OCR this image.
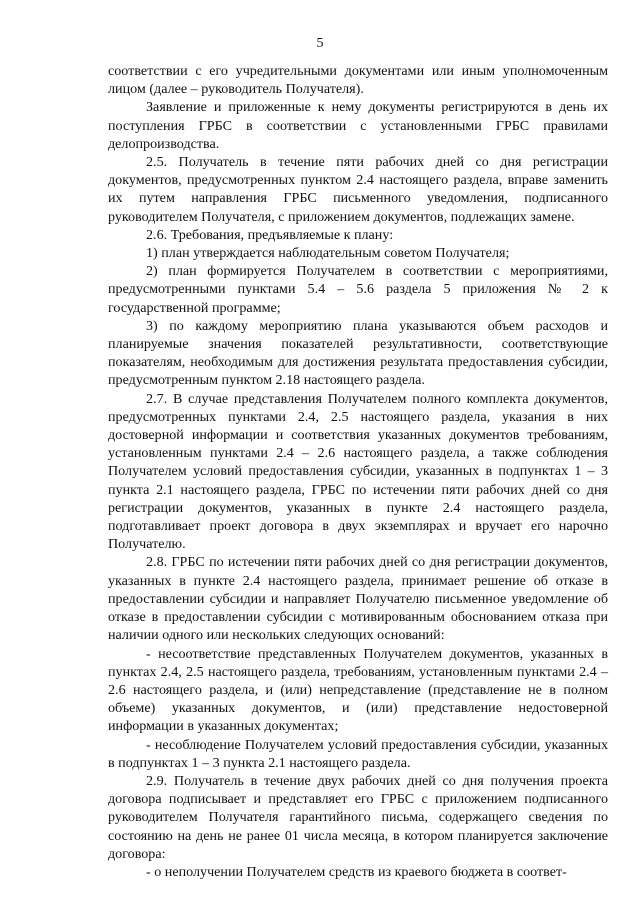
5

соответствии с его учредительными документами или иным уполномоченным лицом (далее – руководитель Получателя).

Заявление и приложенные к нему документы регистрируются в день их поступления ГРБС в соответствии с установленными ГРБС правилами делопроизводства.

2.5. Получатель в течение пяти рабочих дней со дня регистрации документов, предусмотренных пунктом 2.4 настоящего раздела, вправе заменить их путем направления ГРБС письменного уведомления, подписанного руководителем Получателя, с приложением документов, подлежащих замене.

2.6. Требования, предъявляемые к плану:

1) план утверждается наблюдательным советом Получателя;

2) план формируется Получателем в соответствии с мероприятиями, предусмотренными пунктами 5.4 – 5.6 раздела 5 приложения № 2 к государственной программе;

3) по каждому мероприятию плана указываются объем расходов и планируемые значения показателей результативности, соответствующие показателям, необходимым для достижения результата предоставления субсидии, предусмотренным пунктом 2.18 настоящего раздела.

2.7. В случае представления Получателем полного комплекта документов, предусмотренных пунктами 2.4, 2.5 настоящего раздела, указания в них достоверной информации и соответствия указанных документов требованиям, установленным пунктами 2.4 – 2.6 настоящего раздела, а также соблюдения Получателем условий предоставления субсидии, указанных в подпунктах 1 – 3 пункта 2.1 настоящего раздела, ГРБС по истечении пяти рабочих дней со дня регистрации документов, указанных в пункте 2.4 настоящего раздела, подготавливает проект договора в двух экземплярах и вручает его нарочно Получателю.

2.8. ГРБС по истечении пяти рабочих дней со дня регистрации документов, указанных в пункте 2.4 настоящего раздела, принимает решение об отказе в предоставлении субсидии и направляет Получателю письменное уведомление об отказе в предоставлении субсидии с мотивированным обоснованием отказа при наличии одного или нескольких следующих оснований:

- несоответствие представленных Получателем документов, указанных в пунктах 2.4, 2.5 настоящего раздела, требованиям, установленным пунктами 2.4 – 2.6 настоящего раздела, и (или) непредставление (представление не в полном объеме) указанных документов, и (или) представление недостоверной информации в указанных документах;

- несоблюдение Получателем условий предоставления субсидии, указанных в подпунктах 1 – 3 пункта 2.1 настоящего раздела.

2.9. Получатель в течение двух рабочих дней со дня получения проекта договора подписывает и представляет его ГРБС с приложением подписанного руководителем Получателя гарантийного письма, содержащего сведения по состоянию на день не ранее 01 числа месяца, в котором планируется заключение договора:

- о неполучении Получателем средств из краевого бюджета в соответ-
